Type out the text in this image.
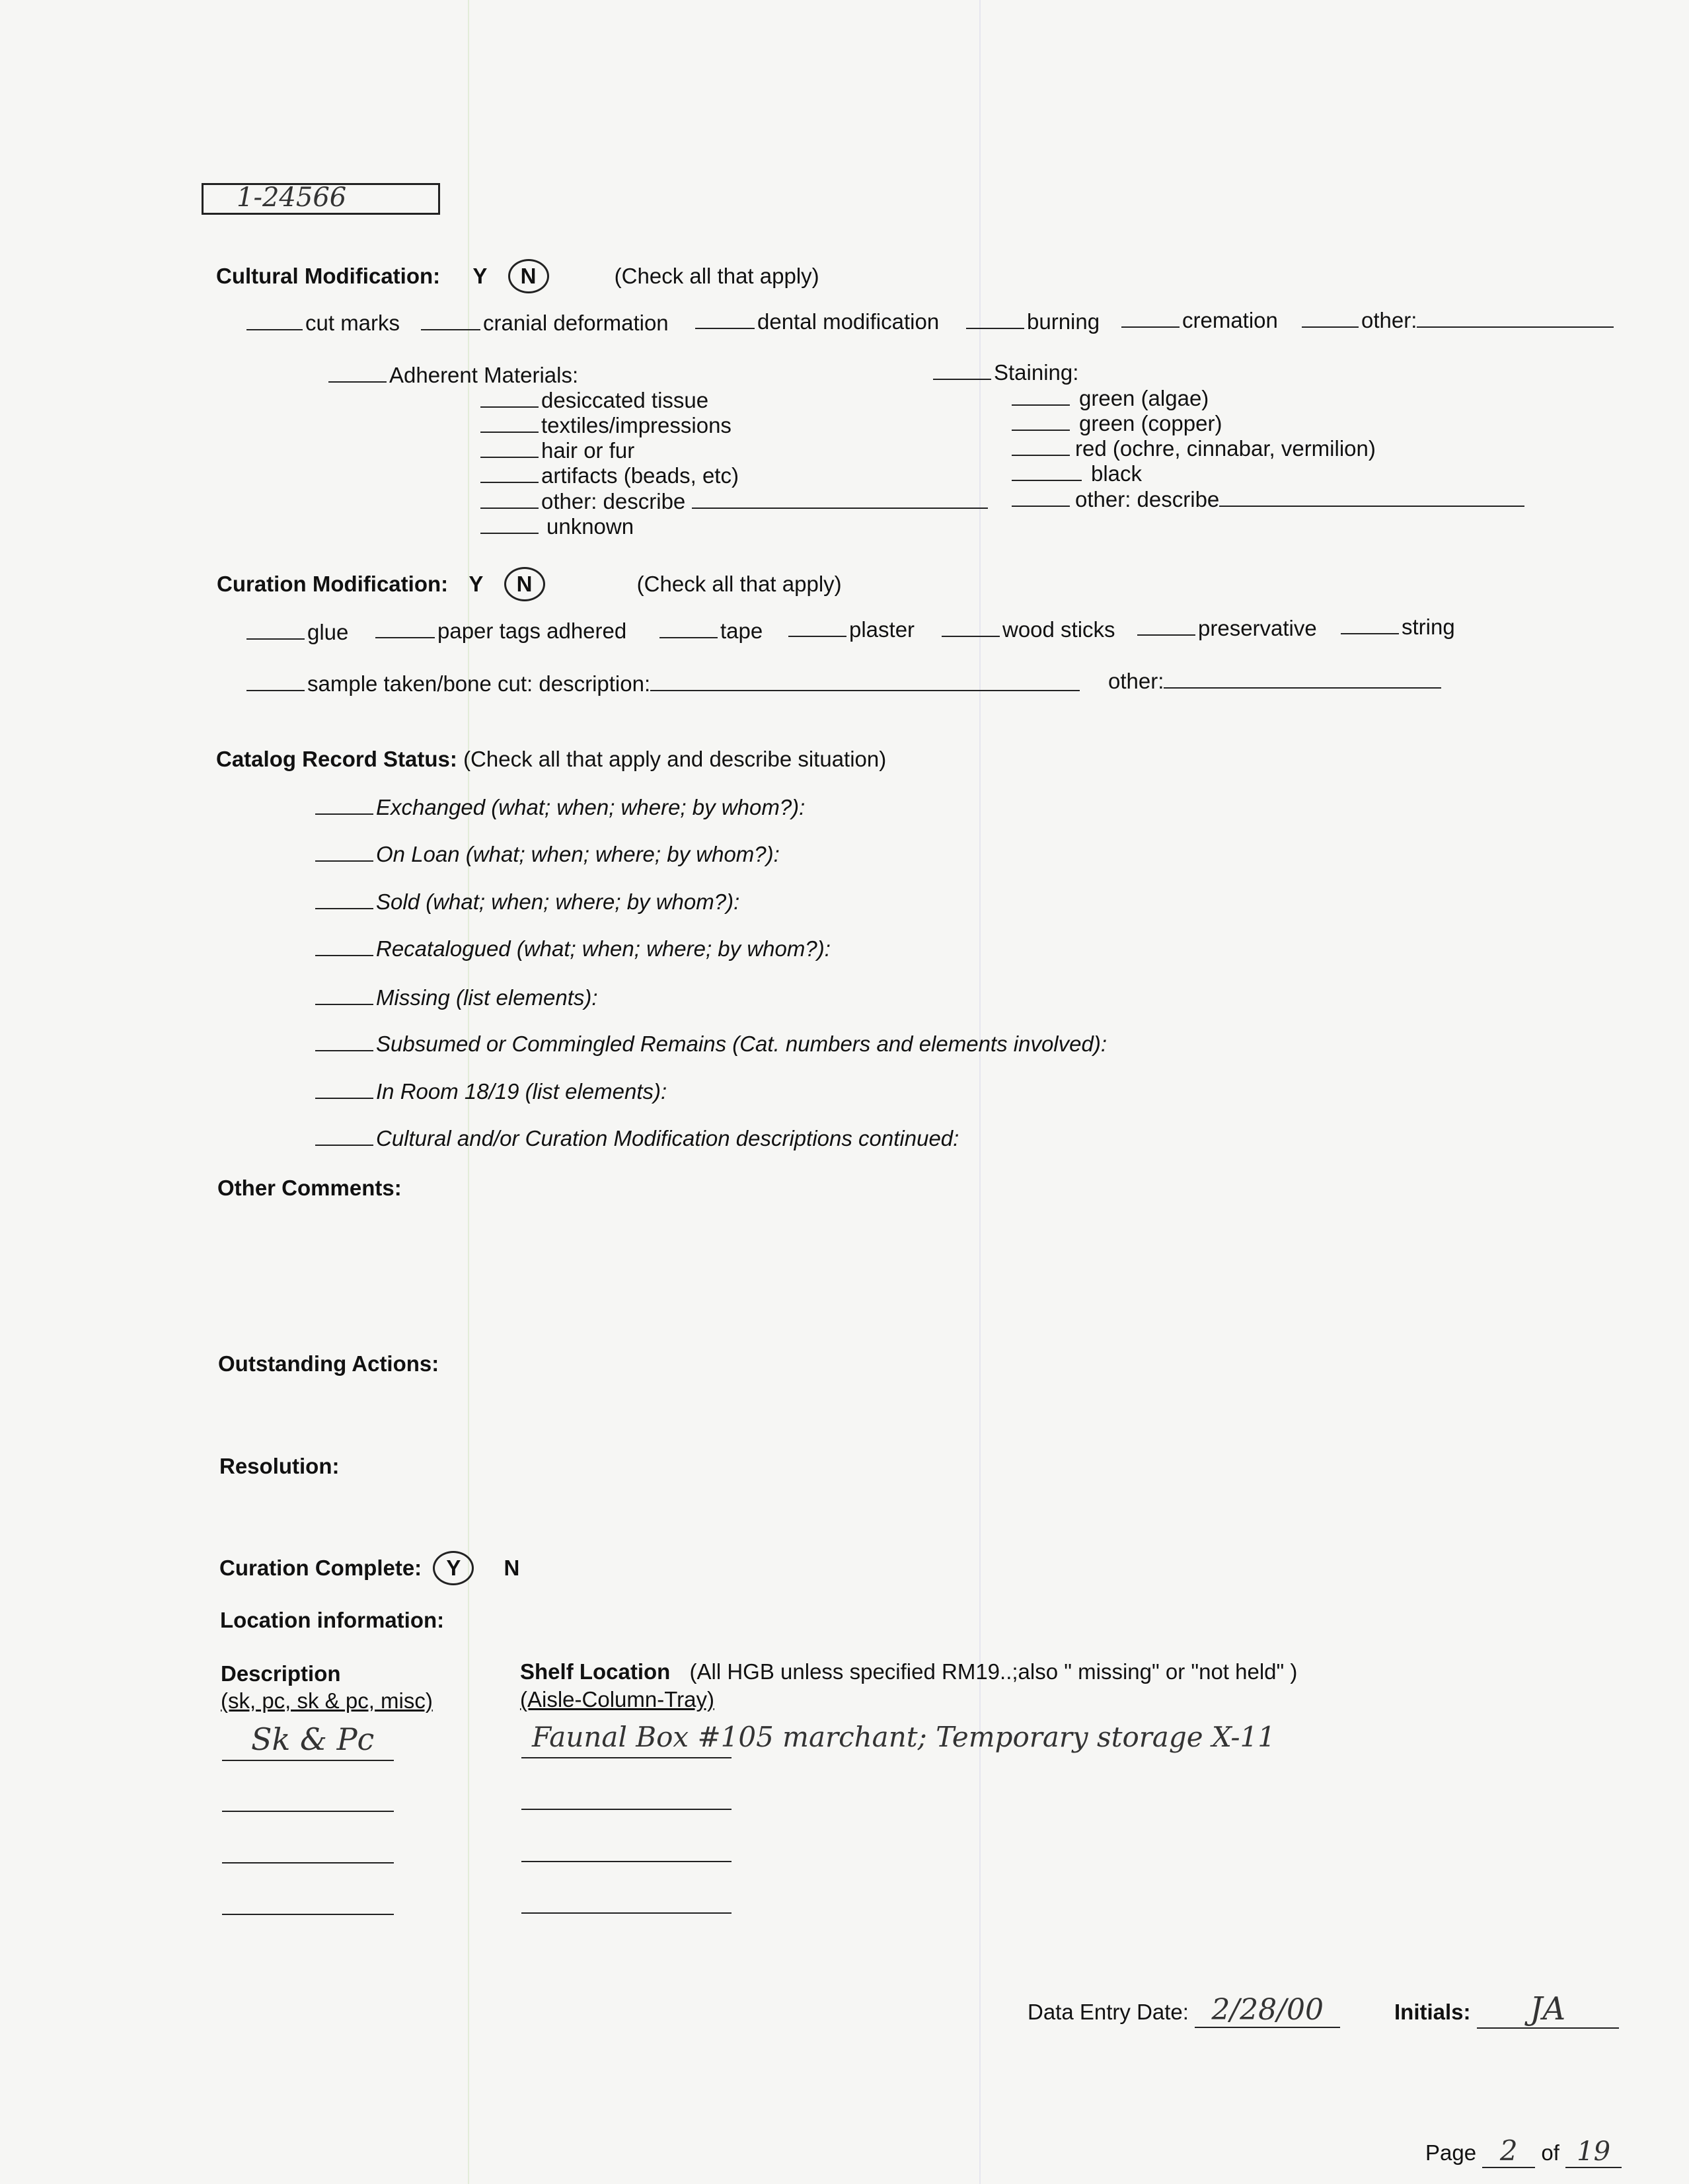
1-24566
Cultural Modification: Y N	(Check all that apply)
cut marks	cranial deformation	dental modification	burning	cremation	other:
Adherent Materials:
desiccated tissue
textiles/impressions
hair or fur
artifacts (beads, etc)
other: describe
unknown
Staining:
green (algae)
green (copper)
red (ochre, cinnabar, vermilion)
black
other: describe
Curation Modification: Y N	(Check all that apply)
glue	paper tags adhered	tape	plaster	wood sticks	preservative	string
sample taken/bone cut: description:	other:
Catalog Record Status: (Check all that apply and describe situation)
Exchanged (what; when; where; by whom?):
On Loan (what; when; where; by whom?):
Sold (what; when; where; by whom?):
Recatalogued (what; when; where; by whom?):
Missing (list elements):
Subsumed or Commingled Remains (Cat. numbers and elements involved):
In Room 18/19 (list elements):
Cultural and/or Curation Modification descriptions continued:
Other Comments:
Outstanding Actions:
Resolution:
Curation Complete: Y N
Location information:
Description
(sk, pc, sk & pc, misc)
Shelf Location (All HGB unless specified RM19..;also " missing" or "not held" )
(Aisle-Column-Tray)
Sk & Pc	Faunal Box #105 marchant; Temporary storage X-11
Data Entry Date: 2/28/00	Initials: JA
Page 2 of 19
